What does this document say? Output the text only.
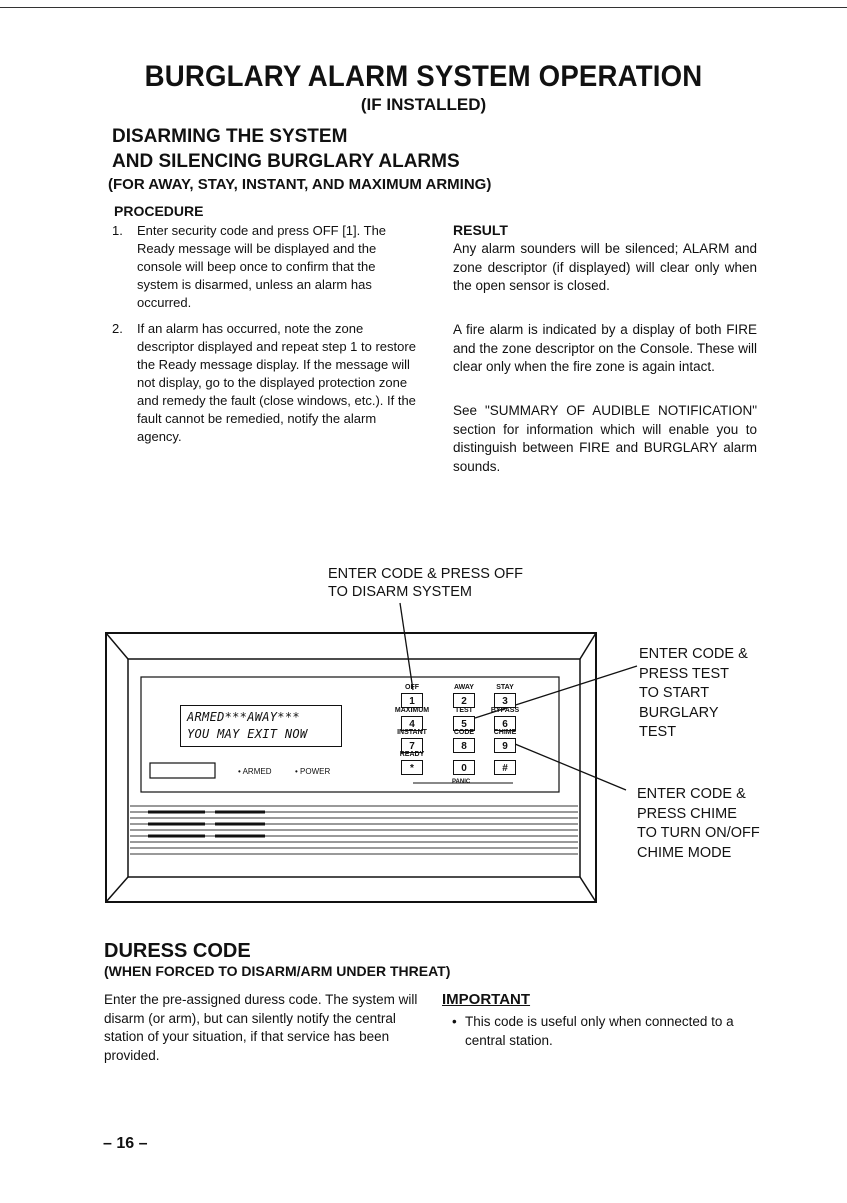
BURGLARY ALARM SYSTEM OPERATION
(IF INSTALLED)
DISARMING THE SYSTEM
AND SILENCING BURGLARY ALARMS
(FOR AWAY, STAY, INSTANT, AND MAXIMUM ARMING)
PROCEDURE
RESULT
1. Enter security code and press OFF [1]. The Ready message will be displayed and the console will beep once to confirm that the system is disarmed, unless an alarm has occurred.
2. If an alarm has occurred, note the zone descriptor displayed and repeat step 1 to restore the Ready message display. If the message will not display, go to the displayed protection zone and remedy the fault (close windows, etc.). If the fault cannot be remedied, notify the alarm agency.
Any alarm sounders will be silenced; ALARM and zone descriptor (if displayed) will clear only when the open sensor is closed.
A fire alarm is indicated by a display of both FIRE and the zone descriptor on the Console. These will clear only when the fire zone is again intact.
See "SUMMARY OF AUDIBLE NOTIFICATION" section for information which will enable you to distinguish between FIRE and BURGLARY alarm sounds.
ENTER CODE & PRESS OFF
TO DISARM SYSTEM
ENTER CODE &
PRESS TEST
TO START
BURGLARY
TEST
ENTER CODE &
PRESS CHIME
TO TURN ON/OFF
CHIME MODE
ARMED***AWAY***
YOU MAY EXIT NOW
• ARMED	• POWER
OFF
1
AWAY
2
STAY
3
MAXIMUM
4
TEST
5
BYPASS
6
INSTANT
7
CODE
8
CHIME
9
READY
*	0	#
PANIC
DURESS CODE
(WHEN FORCED TO DISARM/ARM UNDER THREAT)
Enter the pre-assigned duress code. The system will disarm (or arm), but can silently notify the central station of your situation, if that service has been provided.
IMPORTANT
• This code is useful only when connected to a central station.
– 16 –
